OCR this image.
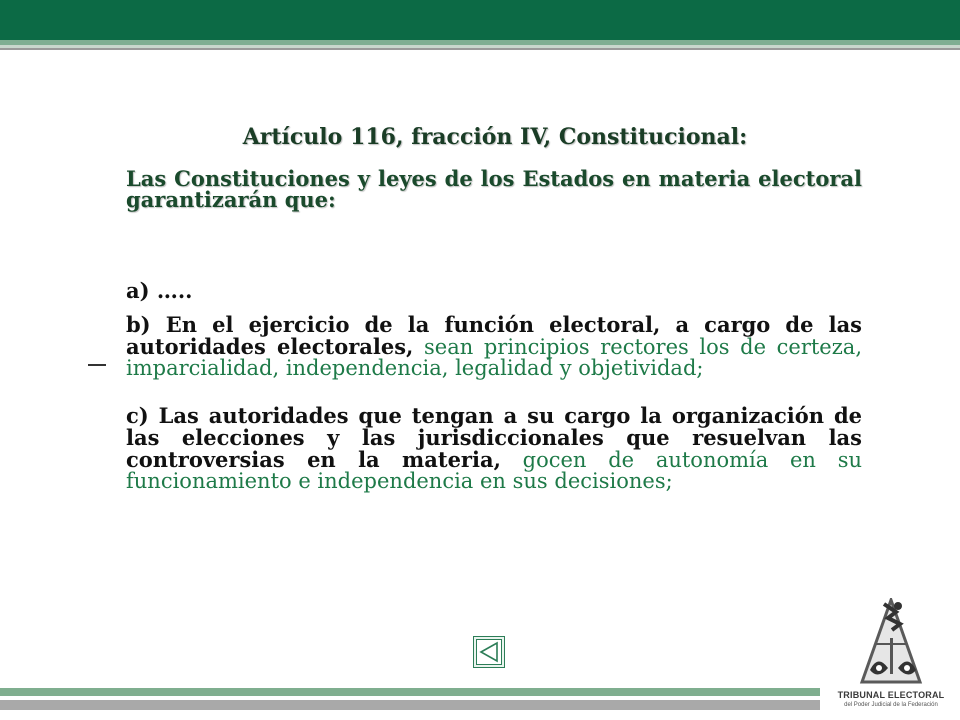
Artículo 116, fracción IV, Constitucional:

Las Constituciones y leyes de los Estados en materia electoral garantizarán que:

a) …..

b) En el ejercicio de la función electoral, a cargo de las autoridades electorales, sean principios rectores los de certeza, imparcialidad, independencia, legalidad y objetividad;

c) Las autoridades que tengan a su cargo la organización de las elecciones y las jurisdiccionales que resuelvan las controversias en la materia, gocen de autonomía en su funcionamiento e independencia en sus decisiones;

TRIBUNAL ELECTORAL
del Poder Judicial de la Federación
